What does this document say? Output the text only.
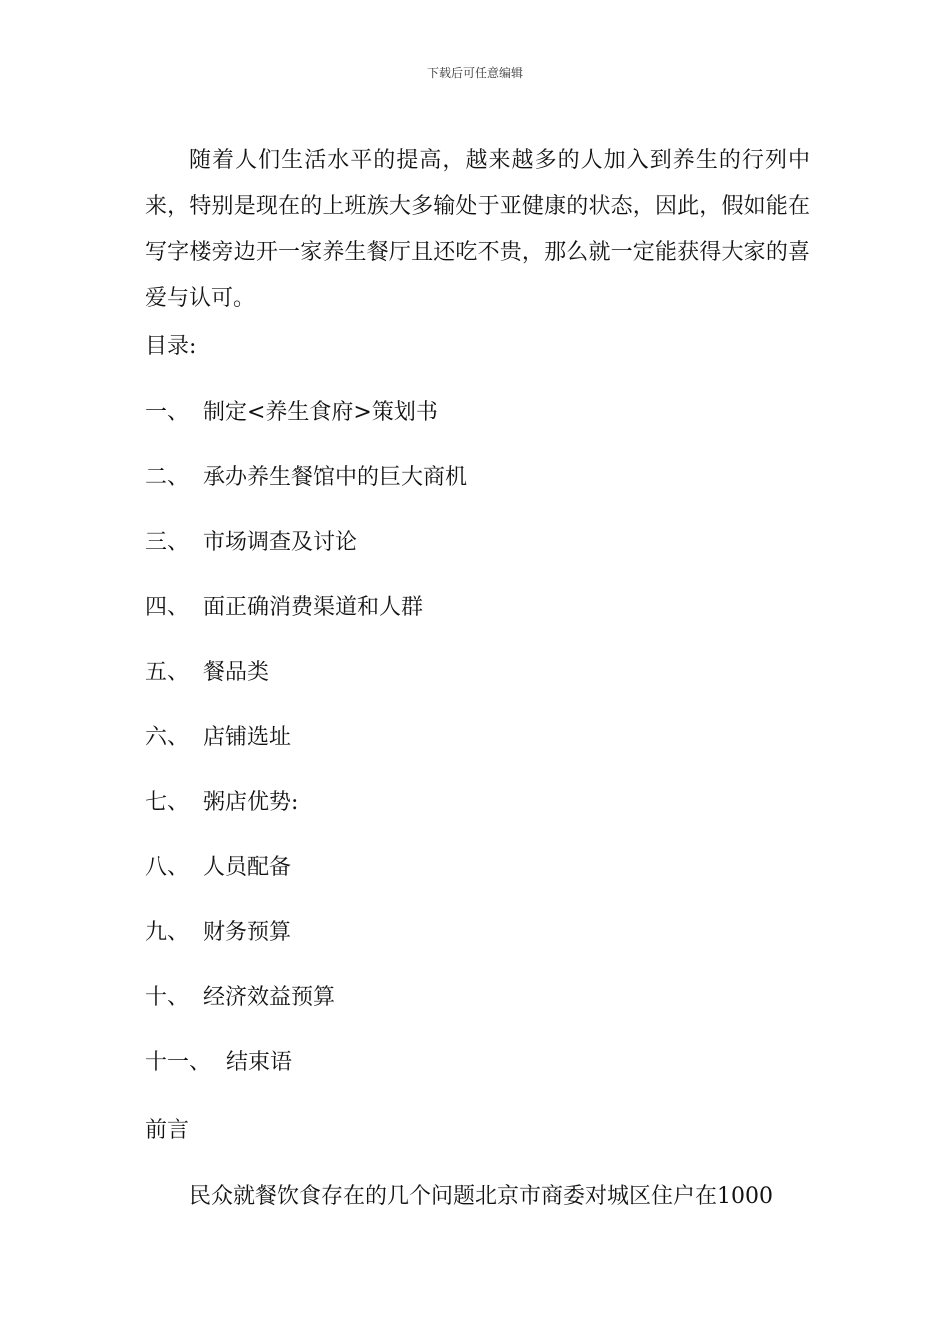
下载后可任意编辑

随着人们生活水平的提高，越来越多的人加入到养生的行列中来，特别是现在的上班族大多输处于亚健康的状态，因此，假如能在写字楼旁边开一家养生餐厅且还吃不贵，那么就一定能获得大家的喜爱与认可。

目录:

一、 制定<养生食府>策划书
二、 承办养生餐馆中的巨大商机
三、 市场调查及讨论
四、 面正确消费渠道和人群
五、 餐品类
六、 店铺选址
七、 粥店优势:
八、 人员配备
九、 财务预算
十、 经济效益预算
十一、 结束语

前言

民众就餐饮食存在的几个问题北京市商委对城区住户在1000
